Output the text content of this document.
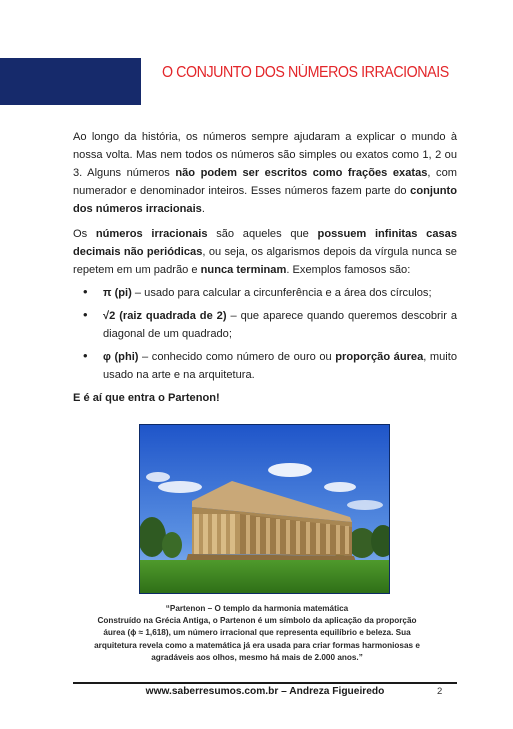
O CONJUNTO DOS NÚMEROS IRRACIONAIS

Ao longo da história, os números sempre ajudaram a explicar o mundo à nossa volta. Mas nem todos os números são simples ou exatos como 1, 2 ou 3. Alguns números não podem ser escritos como frações exatas, com numerador e denominador inteiros. Esses números fazem parte do conjunto dos números irracionais.

Os números irracionais são aqueles que possuem infinitas casas decimais não periódicas, ou seja, os algarismos depois da vírgula nunca se repetem em um padrão e nunca terminam. Exemplos famosos são:

• π (pi) – usado para calcular a circunferência e a área dos círculos;
• √2 (raiz quadrada de 2) – que aparece quando queremos descobrir a diagonal de um quadrado;
• φ (phi) – conhecido como número de ouro ou proporção áurea, muito usado na arte e na arquitetura.

E é aí que entra o Partenon!

“Partenon – O templo da harmonia matemática
Construído na Grécia Antiga, o Partenon é um símbolo da aplicação da proporção áurea (ϕ ≈ 1,618), um número irracional que representa equilíbrio e beleza. Sua arquitetura revela como a matemática já era usada para criar formas harmoniosas e agradáveis aos olhos, mesmo há mais de 2.000 anos.”
www.saberresumos.com.br – Andreza Figueiredo	2
